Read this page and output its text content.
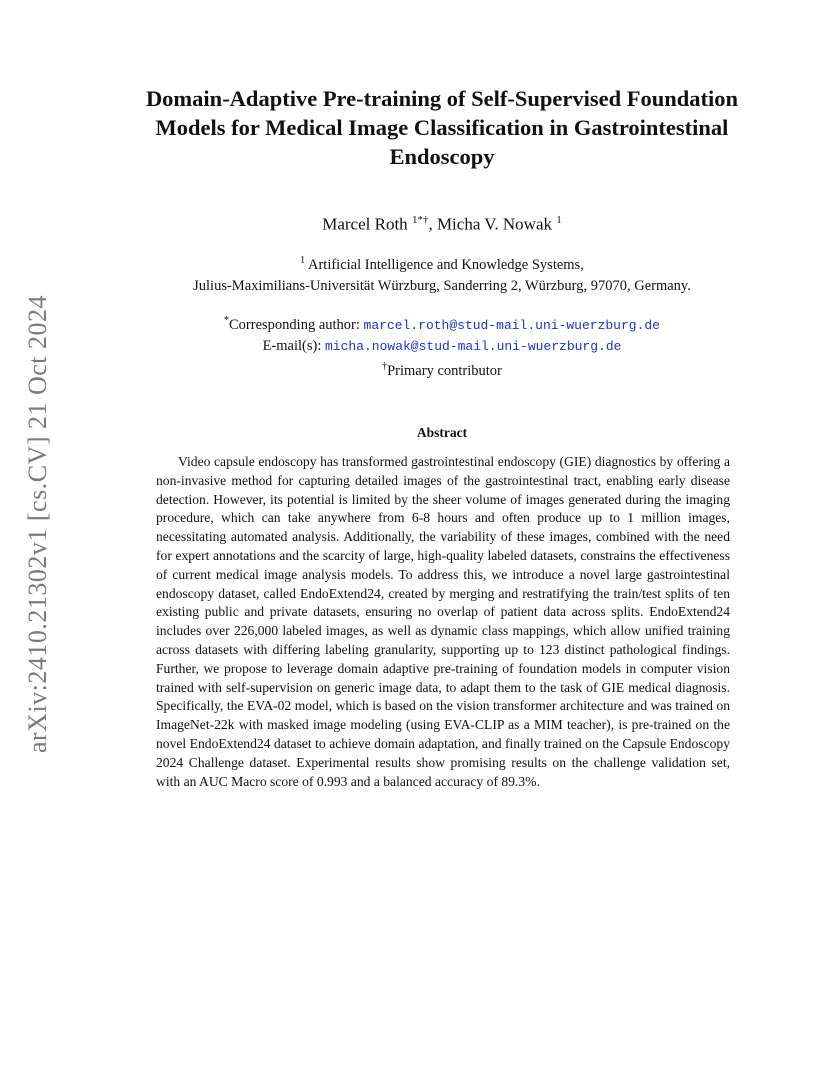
arXiv:2410.21302v1 [cs.CV] 21 Oct 2024
Domain-Adaptive Pre-training of Self-Supervised Foundation Models for Medical Image Classification in Gastrointestinal Endoscopy
Marcel Roth $^{1*\dagger}$, Micha V. Nowak $^1$
$^1$ Artificial Intelligence and Knowledge Systems,
Julius-Maximilians-Universität Würzburg, Sanderring 2, Würzburg, 97070, Germany.
*Corresponding author: marcel.roth@stud-mail.uni-wuerzburg.de
E-mail(s): micha.nowak@stud-mail.uni-wuerzburg.de
†Primary contributor
Abstract

Video capsule endoscopy has transformed gastrointestinal endoscopy (GIE) diagnostics by offering a non-invasive method for capturing detailed images of the gastrointestinal tract, enabling early disease detection. However, its potential is limited by the sheer volume of images generated during the imaging procedure, which can take anywhere from 6-8 hours and often produce up to 1 million images, necessitating automated analysis. Additionally, the variability of these images, combined with the need for expert annotations and the scarcity of large, high-quality labeled datasets, constrains the effectiveness of current medical image analysis models. To address this, we introduce a novel large gastrointestinal endoscopy dataset, called EndoExtend24, created by merging and restratifying the train/test splits of ten existing public and private datasets, ensuring no overlap of patient data across splits. EndoExtend24 includes over 226,000 labeled images, as well as dynamic class mappings, which allow unified training across datasets with differing labeling granularity, supporting up to 123 distinct pathological findings. Further, we propose to leverage domain adaptive pre-training of foundation models in computer vision trained with self-supervision on generic image data, to adapt them to the task of GIE medical diagnosis. Specifically, the EVA-02 model, which is based on the vision transformer architecture and was trained on ImageNet-22k with masked image modeling (using EVA-CLIP as a MIM teacher), is pre-trained on the novel EndoExtend24 dataset to achieve domain adaptation, and finally trained on the Capsule Endoscopy 2024 Challenge dataset. Experimental results show promising results on the challenge validation set, with an AUC Macro score of 0.993 and a balanced accuracy of 89.3%.
